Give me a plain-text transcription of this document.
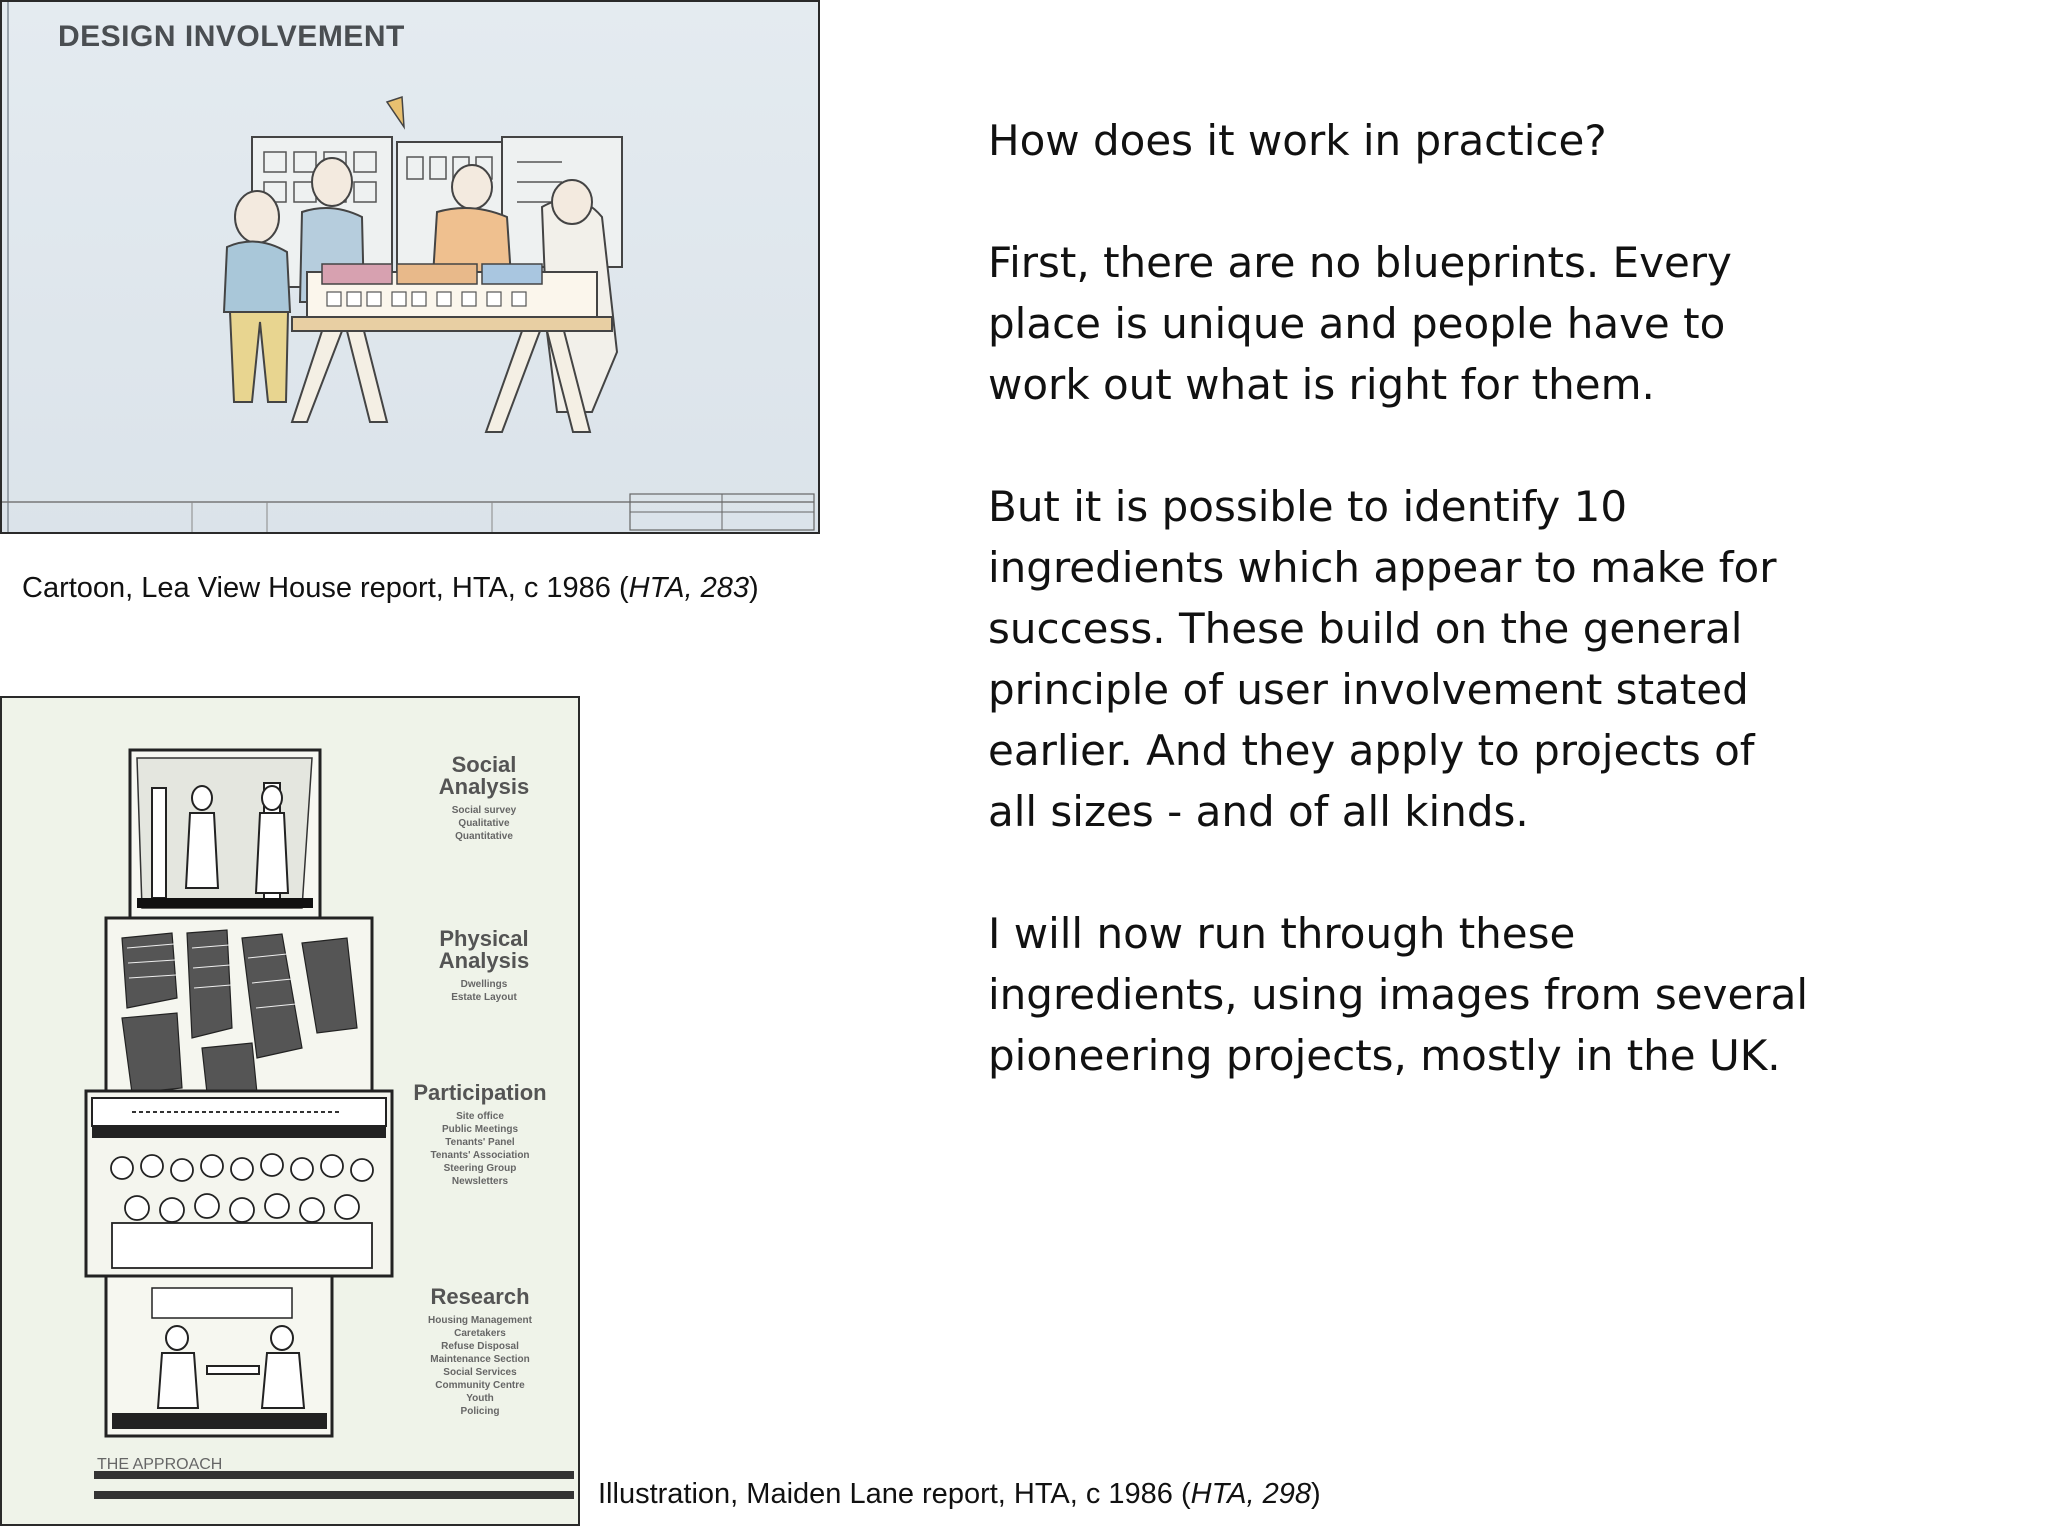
DESIGN INVOLVEMENT
Cartoon, Lea View House report, HTA, c 1986 (HTA, 283)
Social
Analysis
Social survey
Qualitative
Quantitative
Physical
Analysis
Dwellings
Estate Layout
Participation
Site office
Public Meetings
Tenants' Panel
Tenants' Association
Steering Group
Newsletters
Research
Housing Management
Caretakers
Refuse Disposal
Maintenance Section
Social Services
Community Centre
Youth
Policing
THE APPROACH
Illustration, Maiden Lane report, HTA, c 1986 (HTA, 298)

How does it work in practice?

First, there are no blueprints. Every place is unique and people have to work out what is right for them.

But it is possible to identify 10 ingredients which appear to make for success. These build on the general principle of user involvement stated earlier. And they apply to projects of all sizes - and of all kinds.

I will now run through these ingredients, using images from several pioneering projects, mostly in the UK.
